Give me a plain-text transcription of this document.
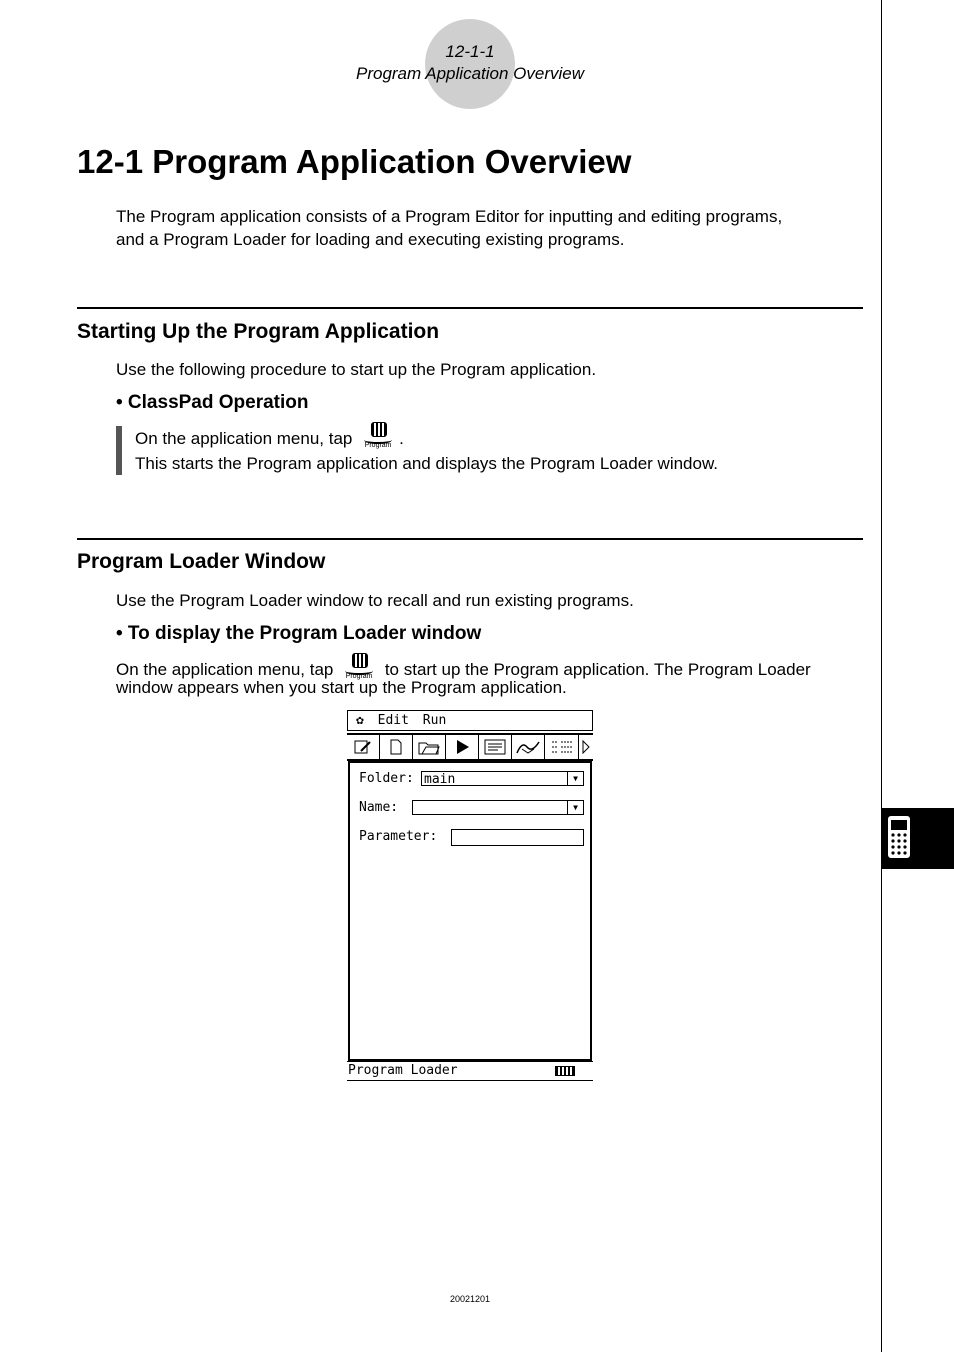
12-1-1
Program Application Overview
12-1 Program Application Overview
The Program application consists of a Program Editor for inputting and editing programs,
and a Program Loader for loading and executing existing programs.
Starting Up the Program Application
Use the following procedure to start up the Program application.
• ClassPad Operation
On the application menu, tap	Program .
This starts the Program application and displays the Program Loader window.
Program Loader Window
Use the Program Loader window to recall and run existing programs.
• To display the Program Loader window
On the application menu, tap	Program to start up the Program application. The Program Loader
window appears when you start up the Program application.
✿ Edit Run
Folder: main	▼
Name:	▼
Parameter:
Program Loader
20021201
